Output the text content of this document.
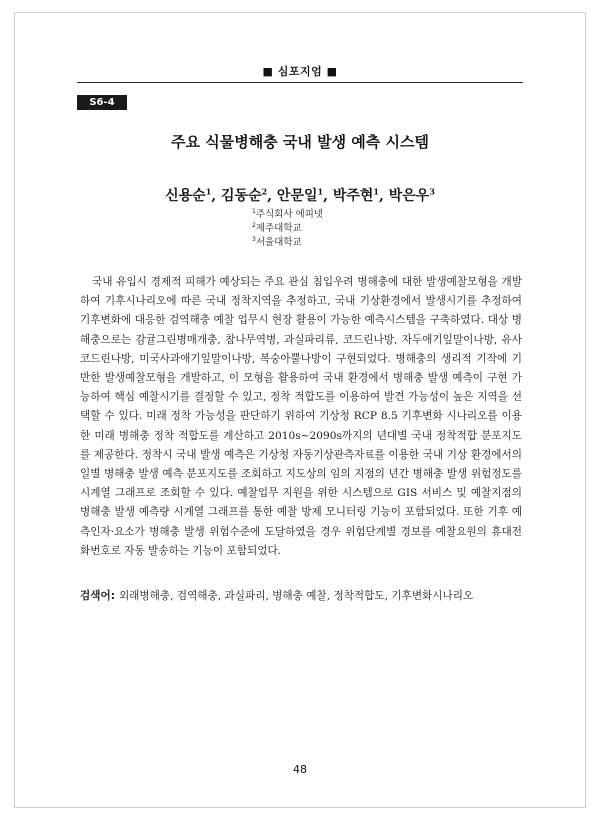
■ 심포지엄 ■
S6-4
주요 식물병해충 국내 발생 예측 시스템
신용순$^1$, 김동순$^2$, 안문일$^1$, 박주현$^1$, 박은우$^3$
$^1$주식회사 에피넷
$^2$제주대학교
$^3$서울대학교

국내 유입시 경제적 피해가 예상되는 주요 관심 침입우려 병해충에 대한 발생예찰모형을 개발하여 기후시나리오에 따른 국내 정착지역을 추정하고, 국내 기상환경에서 발생시기를 추정하여 기후변화에 대응한 검역해충 예찰 업무시 현장 활용이 가능한 예측시스템을 구축하였다. 대상 병해충으로는 감귤그린병매개충, 참나무역병, 과실파리류, 코드린나방, 자두애기잎말이나방, 유사코드린나방, 미국사과애기잎말이나방, 복숭아뿔나방이 구현되었다. 병해충의 생리적 기작에 기반한 발생예찰모형을 개발하고, 이 모형을 활용하여 국내 환경에서 병해충 발생 예측이 구현 가능하여 핵심 예찰시기를 결정할 수 있고, 정착 적합도를 이용하여 발견 가능성이 높은 지역을 선택할 수 있다. 미래 정착 가능성을 판단하기 위하여 기상청 RCP 8.5 기후변화 시나리오를 이용한 미래 병해충 정착 적합도를 계산하고 2010s~2090s까지의 년대별 국내 정착적합 분포지도를 제공한다. 정착시 국내 발생 예측은 기상청 자동기상관측자료를 이용한 국내 기상 환경에서의 일별 병해충 발생 예측 분포지도를 조회하고 지도상의 임의 지점의 년간 병해충 발생 위험정도를 시계열 그래프로 조회할 수 있다. 예찰업무 지원을 위한 시스템으로 GIS 서비스 및 예찰지점의 병해충 발생 예측량 시계열 그래프를 통한 예찰 방제 모니터링 기능이 포함되었다. 또한 기후 예측인자·요소가 병해충 발생 위험수준에 도달하였을 경우 위험단계별 경보를 예찰요원의 휴대전화번호로 자동 발송하는 기능이 포함되었다.

검색어: 외래병해충, 검역해충, 과실파리, 병해충 예찰, 정착적합도, 기후변화시나리오
48
